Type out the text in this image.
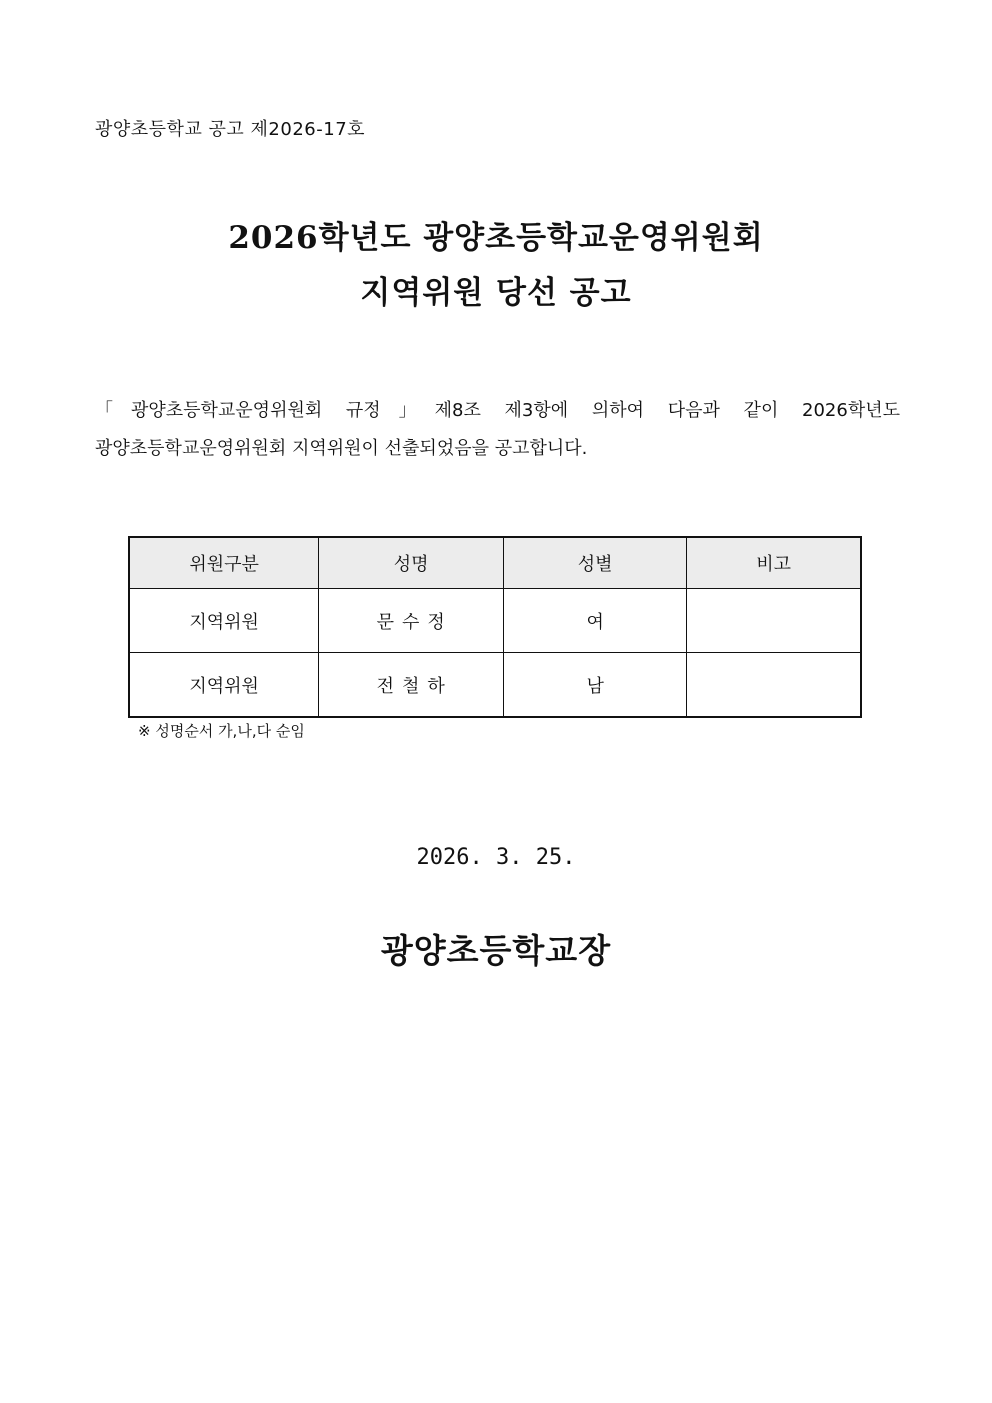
광양초등학교 공고 제2026-17호
2026학년도 광양초등학교운영위원회
지역위원 당선 공고
「광양초등학교운영위원회 규정」제8조 제3항에 의하여 다음과 같이 2026학년도
광양초등학교운영위원회 지역위원이 선출되었음을 공고합니다.
위원구분	성명	성별	비고
지역위원	문수정	여	
지역위원	전철하	남	
※ 성명순서 가,나,다 순임
2026. 3. 25.
광양초등학교장
